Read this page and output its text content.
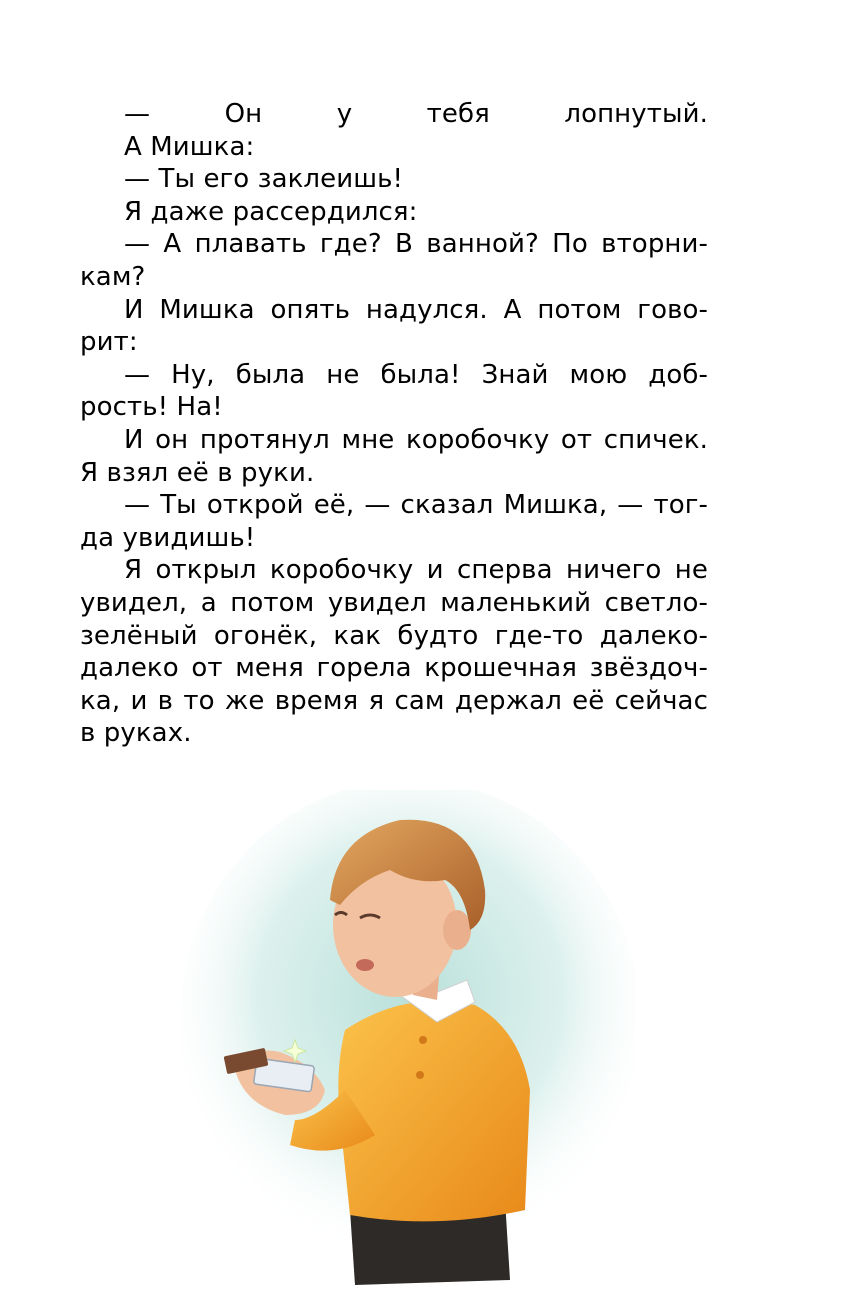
— Он у тебя лопнутый.
А Мишка:
— Ты его заклеишь!
Я даже рассердился:
— А плавать где? В ванной? По вторни-
кам?
И Мишка опять надулся. А потом гово-
рит:
— Ну, была не была! Знай мою доб-
рость! На!
И он протянул мне коробочку от спичек.
Я взял её в руки.
— Ты открой её, — сказал Мишка, — тог-
да увидишь!
Я открыл коробочку и сперва ничего не
увидел, а потом увидел маленький светло-
зелёный огонёк, как будто где-то далеко-
далеко от меня горела крошечная звёздоч-
ка, и в то же время я сам держал её сейчас
в руках.
